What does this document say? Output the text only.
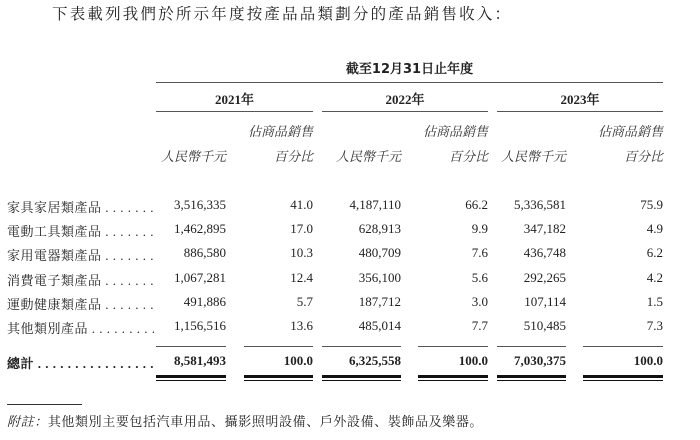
下表載列我們於所示年度按產品品類劃分的產品銷售收入：
截至12月31日止年度
2021年	2022年	2023年
佔商品銷售	佔商品銷售	佔商品銷售
人民幣千元	百分比	人民幣千元	百分比 人民幣千元	百分比
家具家居類產品 . . . . . . .	3,516,335	41.0	4,187,110	66.2	5,336,581	75.9
電動工具類產品 . . . . . . .	1,462,895	17.0	628,913	9.9	347,182	4.9
家用電器類產品 . . . . . . .	886,580	10.3	480,709	7.6	436,748	6.2
消費電子類產品 . . . . . . .	1,067,281	12.4	356,100	5.6	292,265	4.2
運動健康類產品 . . . . . . .	491,886	5.7	187,712	3.0	107,114	1.5
其他類別產品 . . . . . . . . .	1,156,516	13.6	485,014	7.7	510,485	7.3
總計 . . . . . . . . . . . . . . . .	8,581,493	100.0	6,325,558	100.0	7,030,375	100.0
附註：其他類別主要包括汽車用品、攝影照明設備、戶外設備、裝飾品及樂器。
